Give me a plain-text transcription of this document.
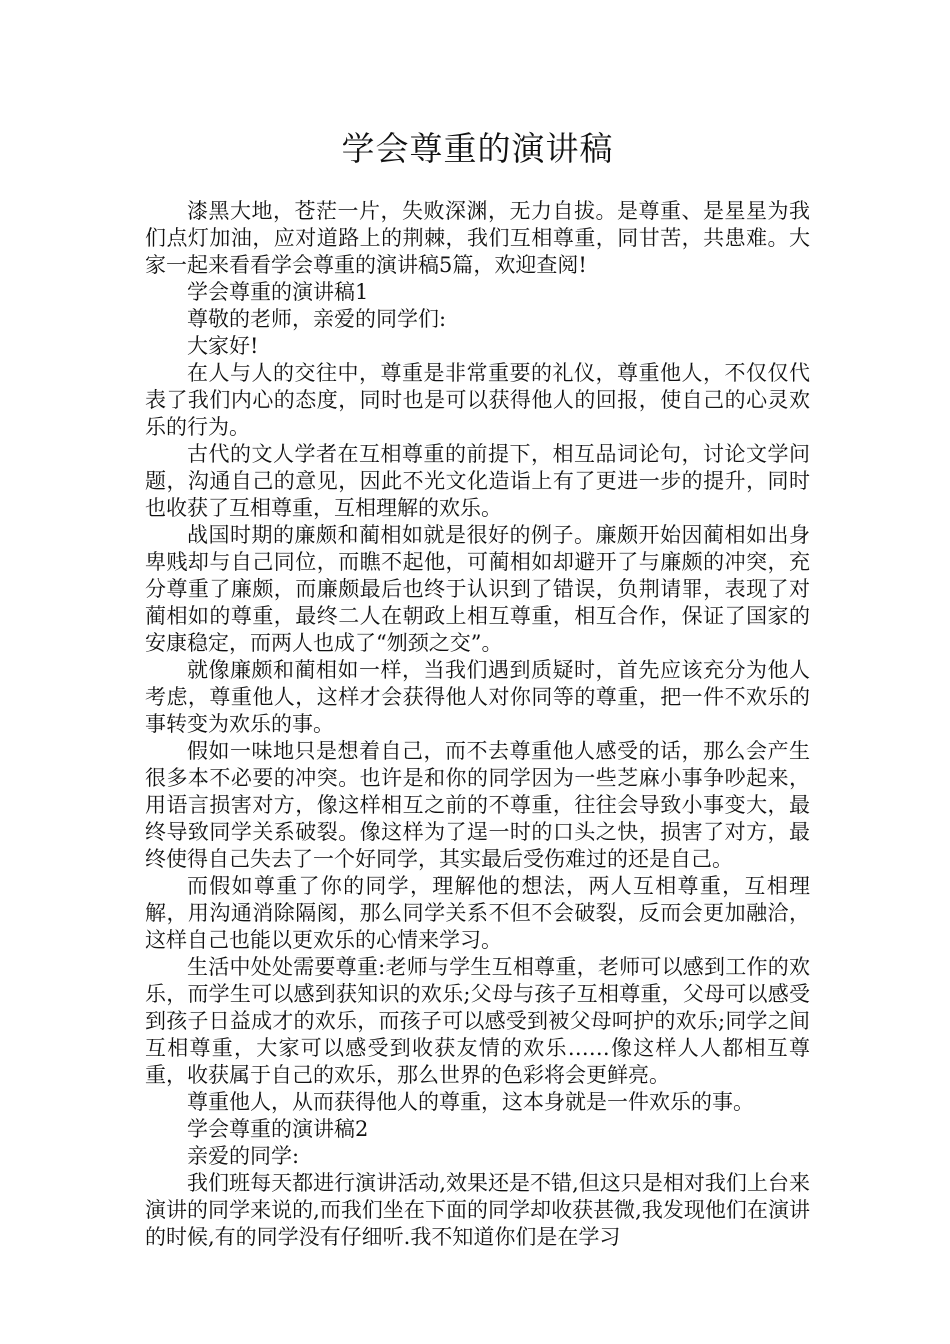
学会尊重的演讲稿

漆黑大地，苍茫一片，失败深渊，无力自拔。是尊重、是星星为我们点灯加油，应对道路上的荆棘，我们互相尊重，同甘苦，共患难。大家一起来看看学会尊重的演讲稿5篇，欢迎查阅!

学会尊重的演讲稿1

尊敬的老师，亲爱的同学们:

大家好!

在人与人的交往中，尊重是非常重要的礼仪，尊重他人，不仅仅代表了我们内心的态度，同时也是可以获得他人的回报，使自己的心灵欢乐的行为。

古代的文人学者在互相尊重的前提下，相互品词论句，讨论文学问题，沟通自己的意见，因此不光文化造诣上有了更进一步的提升，同时也收获了互相尊重，互相理解的欢乐。

战国时期的廉颇和蔺相如就是很好的例子。廉颇开始因蔺相如出身卑贱却与自己同位，而瞧不起他，可蔺相如却避开了与廉颇的冲突，充分尊重了廉颇，而廉颇最后也终于认识到了错误，负荆请罪，表现了对蔺相如的尊重，最终二人在朝政上相互尊重，相互合作，保证了国家的安康稳定，而两人也成了“刎颈之交”。

就像廉颇和蔺相如一样，当我们遇到质疑时，首先应该充分为他人考虑，尊重他人，这样才会获得他人对你同等的尊重，把一件不欢乐的事转变为欢乐的事。

假如一味地只是想着自己，而不去尊重他人感受的话，那么会产生很多本不必要的冲突。也许是和你的同学因为一些芝麻小事争吵起来，用语言损害对方，像这样相互之前的不尊重，往往会导致小事变大，最终导致同学关系破裂。像这样为了逞一时的口头之快，损害了对方，最终使得自己失去了一个好同学，其实最后受伤难过的还是自己。

而假如尊重了你的同学，理解他的想法，两人互相尊重，互相理解，用沟通消除隔阂，那么同学关系不但不会破裂，反而会更加融洽，这样自己也能以更欢乐的心情来学习。

生活中处处需要尊重:老师与学生互相尊重，老师可以感到工作的欢乐，而学生可以感到获知识的欢乐;父母与孩子互相尊重，父母可以感受到孩子日益成才的欢乐，而孩子可以感受到被父母呵护的欢乐;同学之间互相尊重，大家可以感受到收获友情的欢乐……像这样人人都相互尊重，收获属于自己的欢乐，那么世界的色彩将会更鲜亮。

尊重他人，从而获得他人的尊重，这本身就是一件欢乐的事。

学会尊重的演讲稿2

亲爱的同学:

我们班每天都进行演讲活动,效果还是不错,但这只是相对我们上台来演讲的同学来说的,而我们坐在下面的同学却收获甚微,我发现他们在演讲的时候,有的同学没有仔细听.我不知道你们是在学习
